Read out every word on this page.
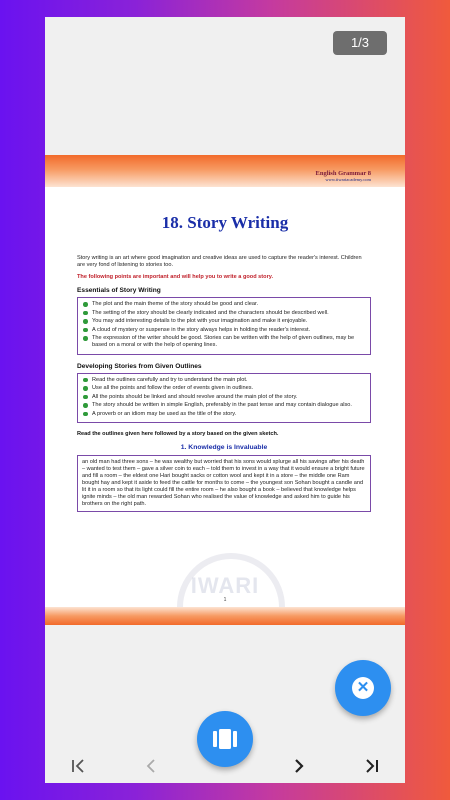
1/3
English Grammar 8
www.tiwariacademy.com
IWARI
18. Story Writing

Story writing is an art where good imagination and creative ideas are used to capture the reader's interest. Children are very fond of listening to stories too.

The following points are important and will help you to write a good story.

Essentials of Story Writing
The plot and the main theme of the story should be good and clear.
The setting of the story should be clearly indicated and the characters should be described well.
You may add interesting details to the plot with your imagination and make it enjoyable.
A cloud of mystery or suspense in the story always helps in holding the reader's interest.
The expression of the writer should be good. Stories can be written with the help of given outlines, may be based on a moral or with the help of opening lines.
Developing Stories from Given Outlines
Read the outlines carefully and try to understand the main plot.
Use all the points and follow the order of events given in outlines.
All the points should be linked and should revolve around the main plot of the story.
The story should be written in simple English, preferably in the past tense and may contain dialogue also.
A proverb or an idiom may be used as the title of the story.

Read the outlines given here followed by a story based on the given sketch.

1. Knowledge is Invaluable
an old man had three sons – he was wealthy but worried that his sons would splurge all his savings after his death – wanted to test them – gave a silver coin to each – told them to invest in a way that it would ensure a bright future and fill a room – the eldest one Hari bought sacks or cotton wool and kept it in a store – the middle one Ram bought hay and kept it aside to feed the cattle for months to come – the youngest son Sohan bought a candle and lit it in a room so that its light could fill the entire room – he also bought a book – believed that knowledge helps ignite minds – the old man rewarded Sohan who realised the value of knowledge and asked him to guide his brothers on the right path.
1
✕
